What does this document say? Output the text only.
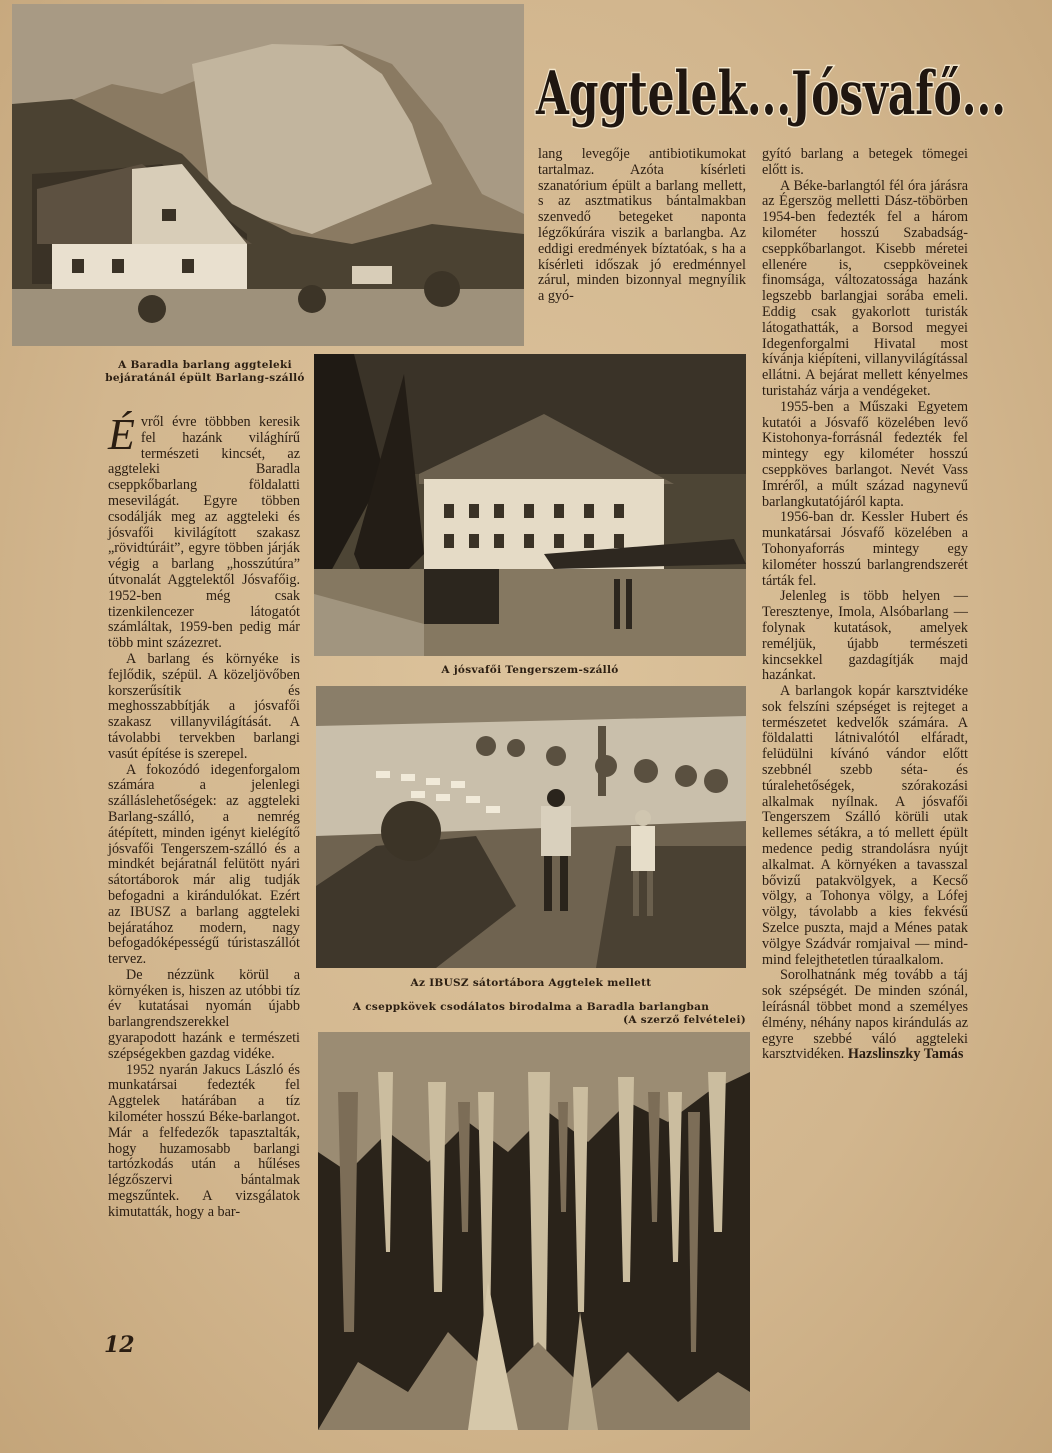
A Baradla barlang aggteleki bejáratánál épült Barlang-szálló
Aggtelek...Jósvafő...

lang levegője antibiotikumokat tartalmaz. Azóta kísérleti szanatórium épült a barlang mellett, s az asztmatikus bántalmakban szenvedő betegeket naponta légzőkúrára viszik a barlangba. Az eddigi eredmények bíztatóak, s ha a kísérleti időszak jó eredménnyel zárul, minden bizonnyal megnyílik a gyó-

Évről évre többben keresik fel hazánk világhírű természeti kincsét, az aggteleki Baradla cseppkőbarlang földalatti mesevilágát. Egyre többen csodálják meg az aggteleki és jósvafői kivilágított szakasz „rövidtúráit”, egyre többen járják végig a barlang „hosszútúra” útvonalát Aggtelektől Jósvafőig. 1952-ben még csak tizenkilencezer látogatót számláltak, 1959-ben pedig már több mint százezret.

A barlang és környéke is fejlődik, szépül. A közeljövőben korszerűsítik és meghosszabbítják a jósvafői szakasz villanyvilágítását. A távolabbi tervekben barlangi vasút építése is szerepel.

A fokozódó idegenforgalom számára a jelenlegi szálláslehetőségek: az aggteleki Barlang-szálló, a nemrég átépített, minden igényt kielégítő jósvafői Tengerszem-szálló és a mindkét bejáratnál felütött nyári sátortáborok már alig tudják befogadni a kirándulókat. Ezért az IBUSZ a barlang aggteleki bejáratához modern, nagy befogadóképességű túristaszállót tervez.

De nézzünk körül a környéken is, hiszen az utóbbi tíz év kutatásai nyomán újabb barlangrendszerekkel gyarapodott hazánk e természeti szépségekben gazdag vidéke.

1952 nyarán Jakucs László és munkatársai fedezték fel Aggtelek határában a tíz kilométer hosszú Béke-barlangot. Már a felfedezők tapasztalták, hogy huzamosabb barlangi tartózkodás után a hűléses légzőszervi bántalmak megszűntek. A vizsgálatok kimutatták, hogy a bar-

A jósvafői Tengerszem-szálló

gyító barlang a betegek tömegei előtt is.

A Béke-barlangtól fél óra járásra az Égerszög melletti Dász-töbörben 1954-ben fedezték fel a három kilométer hosszú Szabadság-cseppkőbarlangot. Kisebb méretei ellenére is, cseppköveinek finomsága, változatossága hazánk legszebb barlangjai sorába emeli. Eddig csak gyakorlott turisták látogathatták, a Borsod megyei Idegenforgalmi Hivatal most kívánja kiépíteni, villanyvilágítással ellátni. A bejárat mellett kényelmes turistaház várja a vendégeket.

1955-ben a Műszaki Egyetem kutatói a Jósvafő közelében levő Kistohonya-forrásnál fedezték fel mintegy egy kilométer hosszú cseppköves barlangot. Nevét Vass Imréről, a múlt század nagynevű barlangkutatójáról kapta.

1956-ban dr. Kessler Hubert és munkatársai Jósvafő közelében a Tohonyaforrás mintegy egy kilométer hosszú barlangrendszerét tárták fel.

Jelenleg is több helyen — Teresztenye, Imola, Alsóbarlang — folynak kutatások, amelyek reméljük, újabb természeti kincsekkel gazdagítják majd hazánkat.

A barlangok kopár karsztvidéke sok felszíni szépséget is rejteget a természetet kedvelők számára. A földalatti látnivalótól elfáradt, felüdülni kívánó vándor előtt szebbnél szebb séta- és túralehetőségek, szórakozási alkalmak nyílnak. A jósvafői Tengerszem Szálló körüli utak kellemes sétákra, a tó mellett épült medence pedig strandolásra nyújt alkalmat. A környéken a tavasszal bővizű patakvölgyek, a Kecső völgy, a Tohonya völgy, a Lófej völgy, távolabb a kies fekvésű Szelce puszta, majd a Ménes patak völgye Szádvár romjaival — mind-mind felejthetetlen túraalkalom.

Sorolhatnánk még tovább a táj sok szépségét. De minden szónál, leírásnál többet mond a személyes élmény, néhány napos kirándulás az egyre szebbé váló aggteleki karsztvidéken. Hazslinszky Tamás

Az IBUSZ sátortábora Aggtelek mellett
A cseppkövek csodálatos birodalma a Baradla barlangban
(A szerző felvételei)
12
